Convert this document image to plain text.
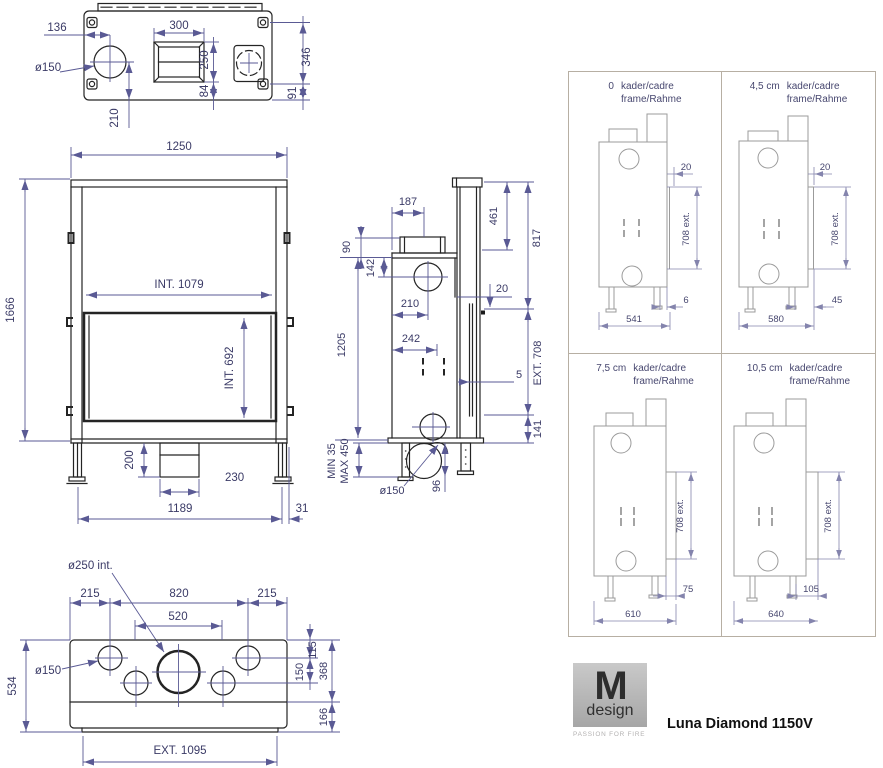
136
ø150
300
250
84
346
91
210
1250
1666
INT. 1079
INT. 692
200
230
1189	31
187
90
142
1205
MIN 35 MAX 450
210
242
461
817
20
5 EXT. 708
141
ø150 96
ø250 int.
215	820	215
520
ø150
534
115
150 368
166
EXT. 1095
20
708 ext.
6
541
0 kader/cadre
frame/Rahme
20
708 ext.
45
580
4,5 cm kader/cadre
frame/Rahme
708 ext.
75
610
7,5 cm kader/cadre
frame/Rahme
708 ext.
105
640
10,5 cm kader/cadre
frame/Rahme
M
design
PASSION FOR FIRE
Luna Diamond 1150V
